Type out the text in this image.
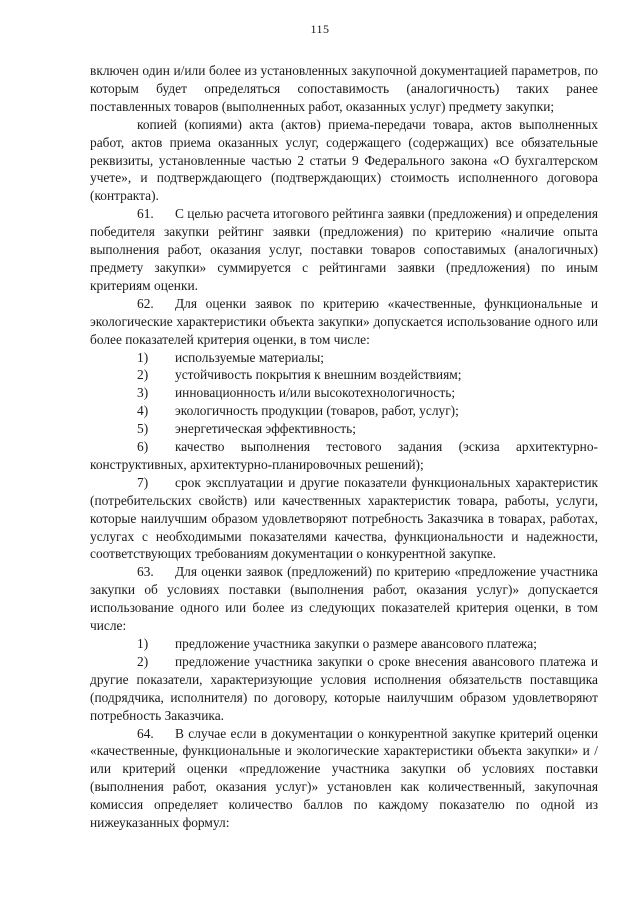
115

включен один и/или более из установленных закупочной документацией параметров, по которым будет определяться сопоставимость (аналогичность) таких ранее поставленных товаров (выполненных работ, оказанных услуг) предмету закупки;

копией (копиями) акта (актов) приема-передачи товара, актов выполненных работ, актов приема оказанных услуг, содержащего (содержащих) все обязательные реквизиты, установленные частью 2 статьи 9 Федерального закона «О бухгалтерском учете», и подтверждающего (подтверждающих) стоимость исполненного договора (контракта).

61. С целью расчета итогового рейтинга заявки (предложения) и определения победителя закупки рейтинг заявки (предложения) по критерию «наличие опыта выполнения работ, оказания услуг, поставки товаров сопоставимых (аналогичных) предмету закупки» суммируется с рейтингами заявки (предложения) по иным критериям оценки.

62. Для оценки заявок по критерию «качественные, функциональные и экологические характеристики объекта закупки» допускается использование одного или более показателей критерия оценки, в том числе:

1) используемые материалы;

2) устойчивость покрытия к внешним воздействиям;

3) инновационность и/или высокотехнологичность;

4) экологичность продукции (товаров, работ, услуг);

5) энергетическая эффективность;

6) качество выполнения тестового задания (эскиза архитектурно-конструктивных, архитектурно-планировочных решений);

7) срок эксплуатации и другие показатели функциональных характеристик (потребительских свойств) или качественных характеристик товара, работы, услуги, которые наилучшим образом удовлетворяют потребность Заказчика в товарах, работах, услугах с необходимыми показателями качества, функциональности и надежности, соответствующих требованиям документации о конкурентной закупке.

63. Для оценки заявок (предложений) по критерию «предложение участника закупки об условиях поставки (выполнения работ, оказания услуг)» допускается использование одного или более из следующих показателей критерия оценки, в том числе:

1) предложение участника закупки о размере авансового платежа;

2) предложение участника закупки о сроке внесения авансового платежа и другие показатели, характеризующие условия исполнения обязательств поставщика (подрядчика, исполнителя) по договору, которые наилучшим образом удовлетворяют потребность Заказчика.

64. В случае если в документации о конкурентной закупке критерий оценки «качественные, функциональные и экологические характеристики объекта закупки» и /или критерий оценки «предложение участника закупки об условиях поставки (выполнения работ, оказания услуг)» установлен как количественный, закупочная комиссия определяет количество баллов по каждому показателю по одной из нижеуказанных формул:
